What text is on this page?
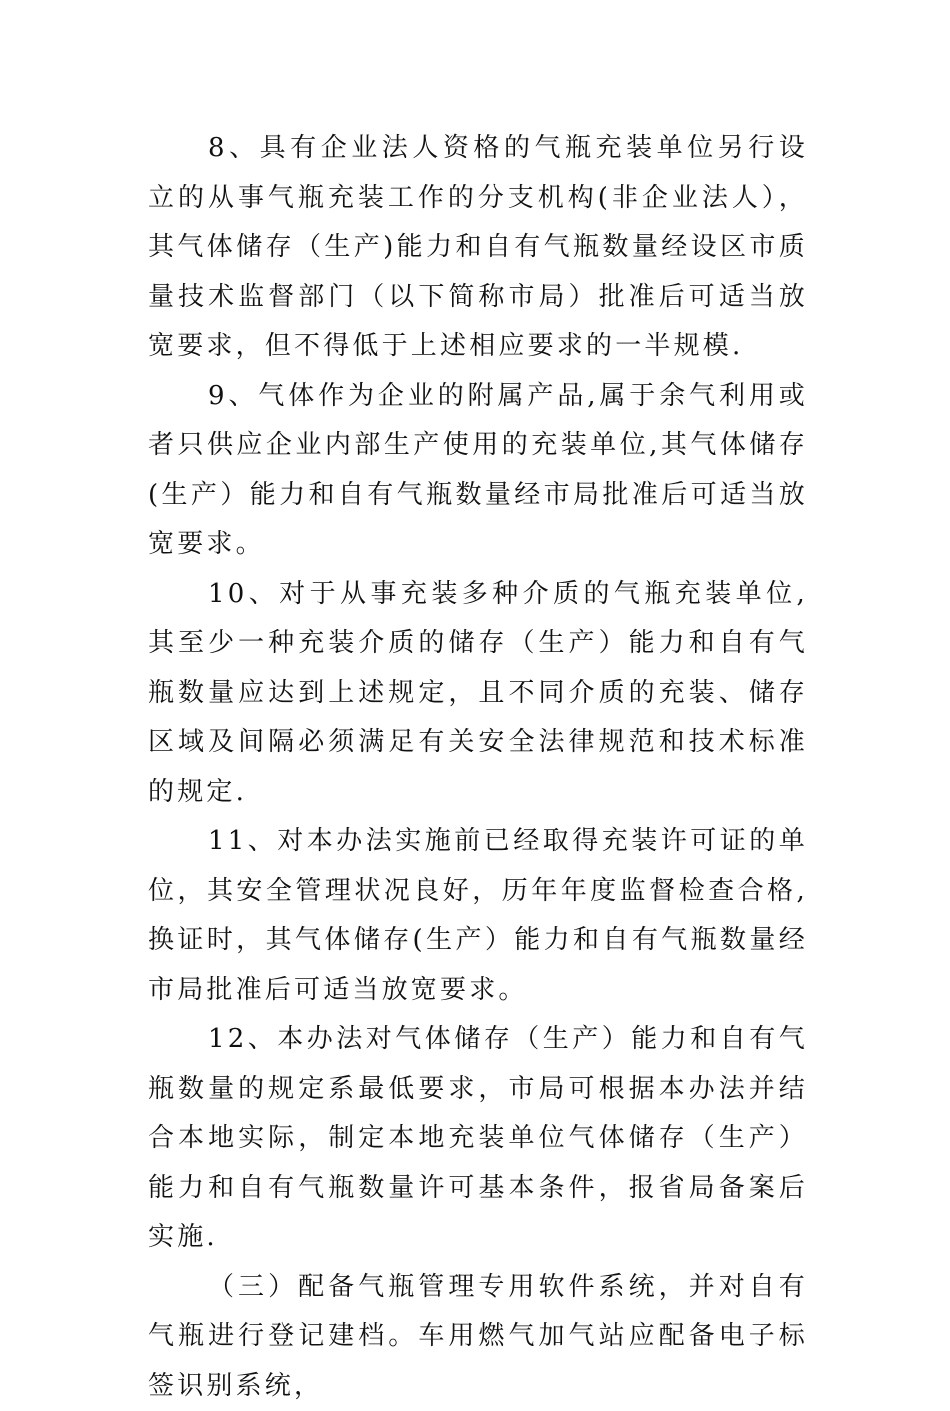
8、具有企业法人资格的气瓶充装单位另行设立的从事气瓶充装工作的分支机构(非企业法人），其气体储存（生产)能力和自有气瓶数量经设区市质量技术监督部门（以下简称市局）批准后可适当放宽要求，但不得低于上述相应要求的一半规模.

9、气体作为企业的附属产品,属于余气利用或者只供应企业内部生产使用的充装单位,其气体储存(生产）能力和自有气瓶数量经市局批准后可适当放宽要求。

10、对于从事充装多种介质的气瓶充装单位,其至少一种充装介质的储存（生产）能力和自有气瓶数量应达到上述规定，且不同介质的充装、储存区域及间隔必须满足有关安全法律规范和技术标准的规定.

11、对本办法实施前已经取得充装许可证的单位，其安全管理状况良好，历年年度监督检查合格,换证时，其气体储存(生产）能力和自有气瓶数量经市局批准后可适当放宽要求。

12、本办法对气体储存（生产）能力和自有气瓶数量的规定系最低要求，市局可根据本办法并结合本地实际，制定本地充装单位气体储存（生产）能力和自有气瓶数量许可基本条件，报省局备案后实施.

（三）配备气瓶管理专用软件系统，并对自有气瓶进行登记建档。车用燃气加气站应配备电子标签识别系统，
